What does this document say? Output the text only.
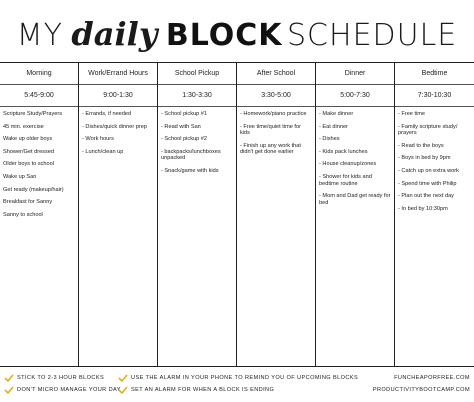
MY daily BLOCK SCHEDULE
Morning
5:45-9:00
Scripture Study/Prayers
45 min. exercise
Wake up older boys
Shower/Get dressed
Older boys to school
Wake up San
Get ready (makeup/hair)
Breakfast for Sanny
Sanny to school
Work/Errand Hours
9:00-1:30
- Errands, if needed
- Dishes/quick dinner prep
- Work hours
- Lunch/clean up
School Pickup
1:30-3:30
- School pickup #1
- Read with San
- School pickup #2
- backpacks/lunchboxes unpacked
- Snack/game with kids
After School
3:30-5:00
- Homework/piano practice
- Free time/quiet time for kids
- Finish up any work that didn't get done earlier
Dinner
5:00-7:30
- Make dinner
- Eat dinner
- Dishes
- Kids pack lunches
- House cleanup/zones
- Shower for kids and bedtime routine
- Mom and Dad get ready for bed
Bedtime
7:30-10:30
- Free time
- Family scripture study/ prayers
- Read to the boys
- Boys in bed by 9pm
- Catch up on extra work
- Spend time with Philip
- Plan out the next day
- In bed by 10:30pm
STICK TO 2-3 HOUR BLOCKS
DON'T MICRO MANAGE YOUR DAY
USE THE ALARM IN YOUR PHONE TO REMIND YOU OF UPCOMING BLOCKS
SET AN ALARM FOR WHEN A BLOCK IS ENDING
FUNCHEAPORFREE.COM
PRODUCTIVITYBOOTCAMP.COM
